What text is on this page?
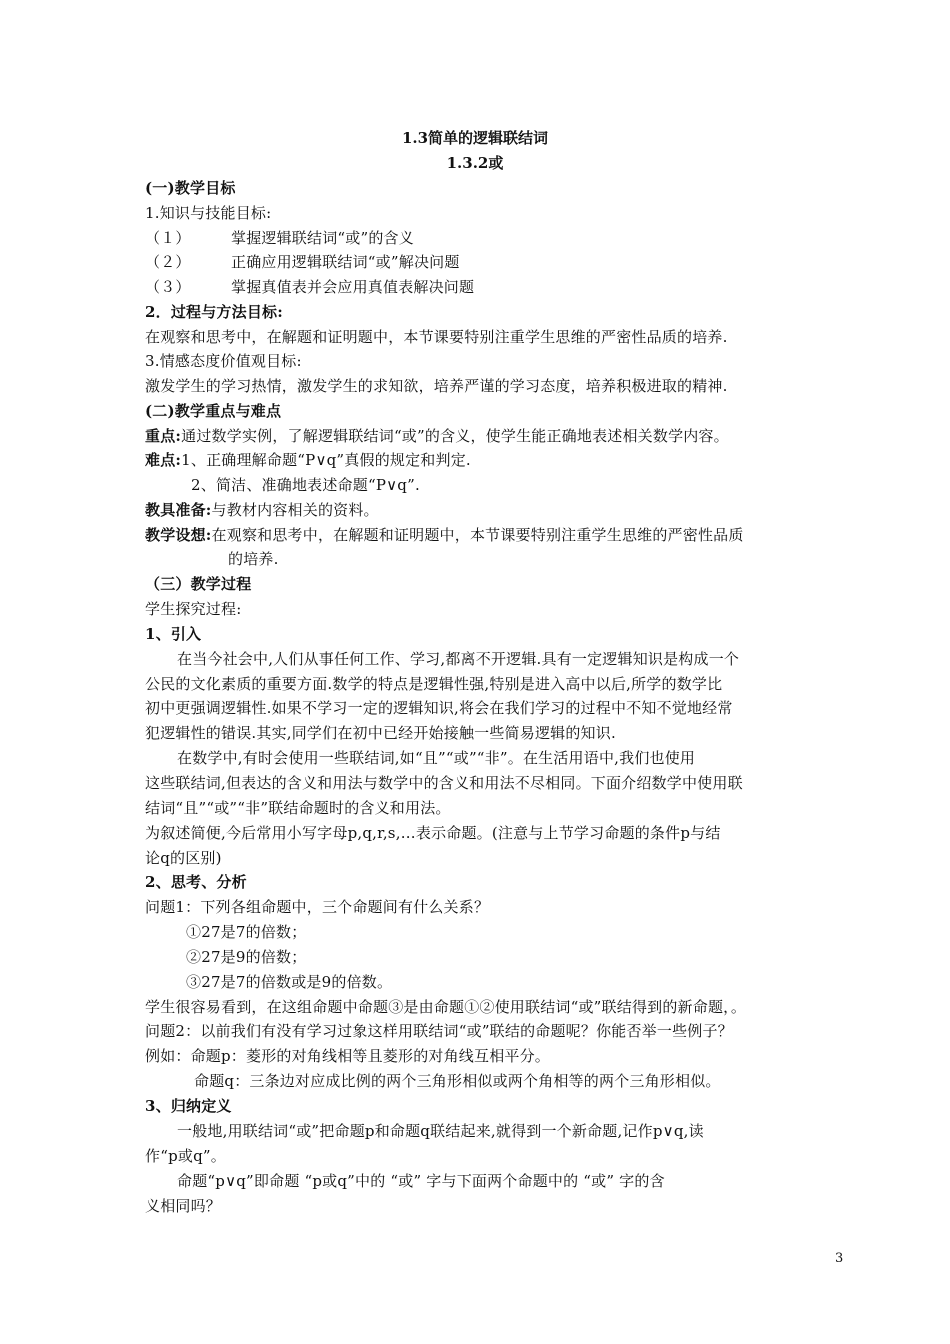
1.3简单的逻辑联结词
1.3.2或
(一)教学目标
1.知识与技能目标:
（１）	掌握逻辑联结词“或”的含义
（２）	正确应用逻辑联结词“或”解决问题
（３）	掌握真值表并会应用真值表解决问题
2．过程与方法目标:
在观察和思考中，在解题和证明题中，本节课要特别注重学生思维的严密性品质的培养.
3.情感态度价值观目标:
激发学生的学习热情，激发学生的求知欲，培养严谨的学习态度，培养积极进取的精神.
(二)教学重点与难点
重点:通过数学实例，了解逻辑联结词“或”的含义，使学生能正确地表述相关数学内容。
难点:1、正确理解命题“P∨q”真假的规定和判定.
2、简洁、准确地表述命题“P∨q”.
教具准备:与教材内容相关的资料。
教学设想:在观察和思考中，在解题和证明题中，本节课要特别注重学生思维的严密性品质
的培养.
（三）教学过程
学生探究过程:
1、引入
在当今社会中,人们从事任何工作、学习,都离不开逻辑.具有一定逻辑知识是构成一个
公民的文化素质的重要方面.数学的特点是逻辑性强,特别是进入高中以后,所学的数学比
初中更强调逻辑性.如果不学习一定的逻辑知识,将会在我们学习的过程中不知不觉地经常
犯逻辑性的错误.其实,同学们在初中已经开始接触一些简易逻辑的知识.
在数学中,有时会使用一些联结词,如“且”“或”“非”。在生活用语中,我们也使用
这些联结词,但表达的含义和用法与数学中的含义和用法不尽相同。下面介绍数学中使用联
结词“且”“或”“非”联结命题时的含义和用法。
为叙述简便,今后常用小写字母p,q,r,s,…表示命题。(注意与上节学习命题的条件p与结
论q的区别)
2、思考、分析
问题1：下列各组命题中，三个命题间有什么关系？
①27是7的倍数；
②27是9的倍数；
③27是7的倍数或是9的倍数。
学生很容易看到，在这组命题中命题③是由命题①②使用联结词“或”联结得到的新命题，。
问题2：以前我们有没有学习过象这样用联结词“或”联结的命题呢？你能否举一些例子？
例如：命题p：菱形的对角线相等且菱形的对角线互相平分。
命题q：三条边对应成比例的两个三角形相似或两个角相等的两个三角形相似。
3、归纳定义
一般地,用联结词“或”把命题p和命题q联结起来,就得到一个新命题,记作p∨q,读
作“p或q”。
命题“p∨q”即命题 “p或q”中的 “或” 字与下面两个命题中的 “或” 字的含
义相同吗？
3
